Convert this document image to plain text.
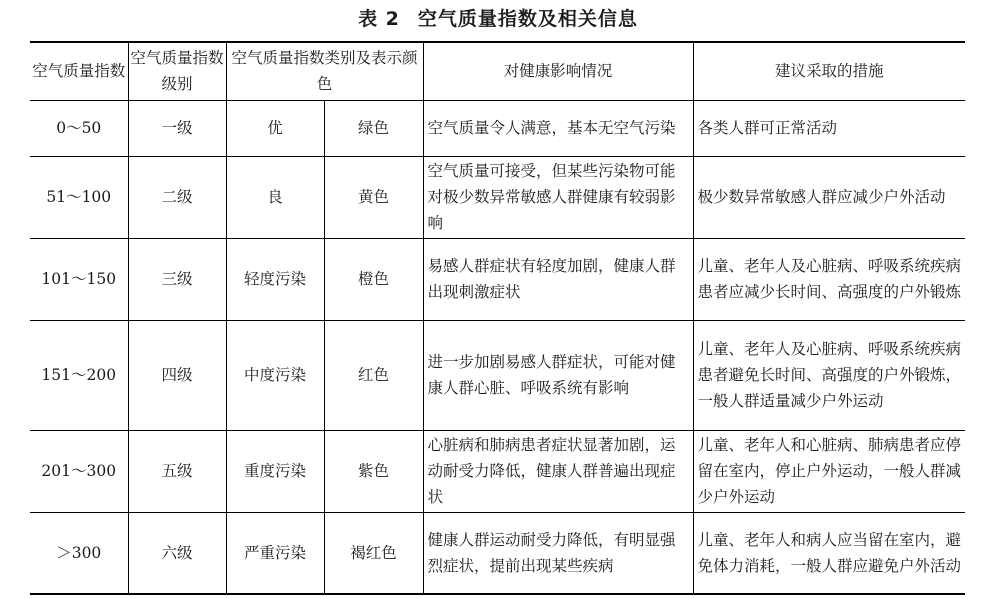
表 2 空气质量指数及相关信息
空气质量指数	空气质量指数级别	空气质量指数类别及表示颜色		对健康影响情况	建议采取的措施
0～50	一级	优	绿色	空气质量令人满意，基本无空气污染	各类人群可正常活动
51～100	二级	良	黄色	空气质量可接受，但某些污染物可能对极少数异常敏感人群健康有较弱影响	极少数异常敏感人群应减少户外活动
101～150	三级	轻度污染	橙色	易感人群症状有轻度加剧，健康人群出现刺激症状	儿童、老年人及心脏病、呼吸系统疾病患者应减少长时间、高强度的户外锻炼
151～200	四级	中度污染	红色	进一步加剧易感人群症状，可能对健康人群心脏、呼吸系统有影响	儿童、老年人及心脏病、呼吸系统疾病患者避免长时间、高强度的户外锻炼，一般人群适量减少户外运动
201～300	五级	重度污染	紫色	心脏病和肺病患者症状显著加剧，运动耐受力降低，健康人群普遍出现症状	儿童、老年人和心脏病、肺病患者应停留在室内，停止户外运动，一般人群减少户外运动
＞300	六级	严重污染	褐红色	健康人群运动耐受力降低，有明显强烈症状，提前出现某些疾病	儿童、老年人和病人应当留在室内，避免体力消耗，一般人群应避免户外活动
